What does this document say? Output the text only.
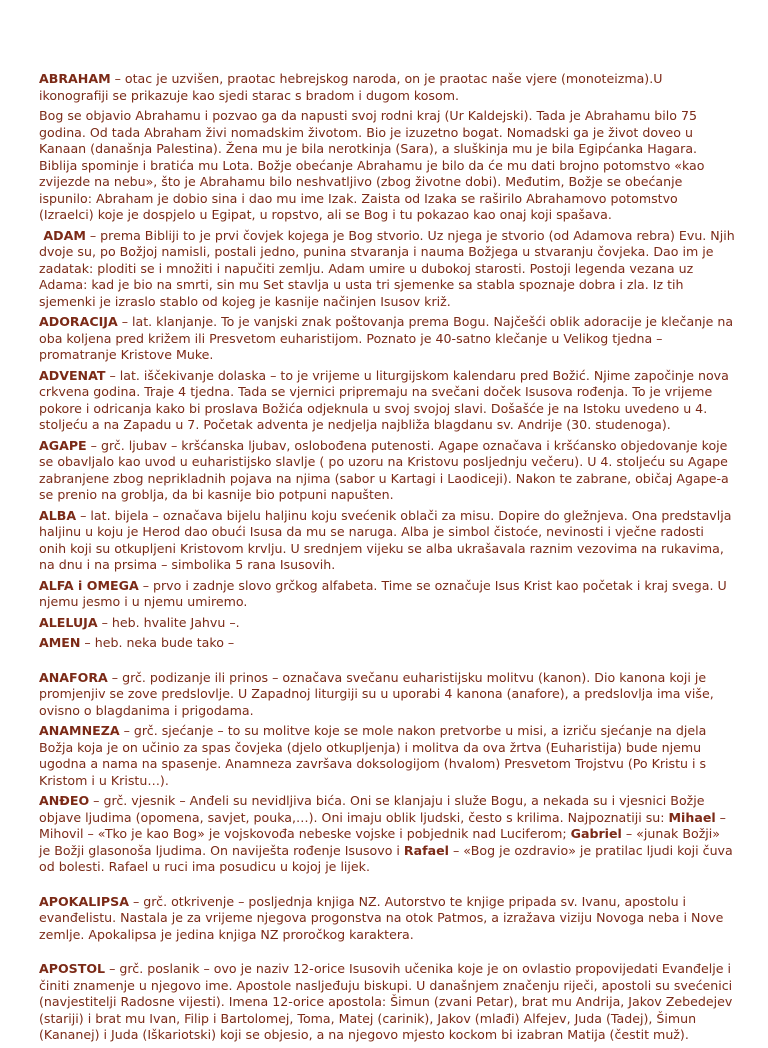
ABRAHAM – otac je uzvišen, praotac hebrejskog naroda, on je praotac naše vjere (monoteizma).U ikonografiji se prikazuje kao sjedi starac s bradom i dugom kosom.

Bog se objavio Abrahamu i pozvao ga da napusti svoj rodni kraj (Ur Kaldejski). Tada je Abrahamu bilo 75 godina. Od tada Abraham živi nomadskim životom. Bio je izuzetno bogat. Nomadski ga je život doveo u Kanaan (današnja Palestina). Žena mu je bila nerotkinja (Sara), a sluškinja mu je bila Egipćanka Hagara. Biblija spominje i bratića mu Lota. Božje obećanje Abrahamu je bilo da će mu dati brojno potomstvo «kao zvijezde na nebu», što je Abrahamu bilo neshvatljivo (zbog životne dobi). Međutim, Božje se obećanje ispunilo: Abraham je dobio sina i dao mu ime Izak. Zaista od Izaka se raširilo Abrahamovo potomstvo (Izraelci) koje je dospjelo u Egipat, u ropstvo, ali se Bog i tu pokazao kao onaj koji spašava.

ADAM – prema Bibliji to je prvi čovjek kojega je Bog stvorio. Uz njega je stvorio (od Adamova rebra) Evu. Njih dvoje su, po Božjoj namisli, postali jedno, punina stvaranja i nauma Božjega u stvaranju čovjeka. Dao im je zadatak: ploditi se i množiti i napučiti zemlju. Adam umire u dubokoj starosti. Postoji legenda vezana uz Adama: kad je bio na smrti, sin mu Set stavlja u usta tri sjemenke sa stabla spoznaje dobra i zla. Iz tih sjemenki je izraslo stablo od kojeg je kasnije načinjen Isusov križ.

ADORACIJA – lat. klanjanje. To je vanjski znak poštovanja prema Bogu. Najčešći oblik adoracije je klečanje na oba koljena pred križem ili Presvetom euharistijom. Poznato je 40-satno klečanje u Velikog tjedna – promatranje Kristove Muke.

ADVENAT – lat. iščekivanje dolaska – to je vrijeme u liturgijskom kalendaru pred Božić. Njime započinje nova crkvena godina. Traje 4 tjedna. Tada se vjernici pripremaju na svečani doček Isusova rođenja. To je vrijeme pokore i odricanja kako bi proslava Božića odjeknula u svoj svojoj slavi. Došašće je na Istoku uvedeno u 4. stoljeću a na Zapadu u 7. Početak adventa je nedjelja najbliža blagdanu sv. Andrije (30. studenoga).

AGAPE – grč. ljubav – kršćanska ljubav, oslobođena putenosti. Agape označava i kršćansko objedovanje koje se obavljalo kao uvod u euharistijsko slavlje ( po uzoru na Kristovu posljednju večeru). U 4. stoljeću su Agape zabranjene zbog neprikladnih pojava na njima (sabor u Kartagi i Laodiceji). Nakon te zabrane, običaj Agape-a se prenio na groblja, da bi kasnije bio potpuni napušten.

ALBA – lat. bijela – označava bijelu haljinu koju svećenik oblači za misu. Dopire do gležnjeva. Ona predstavlja haljinu u koju je Herod dao obući Isusa da mu se naruga. Alba je simbol čistoće, nevinosti i vječne radosti onih koji su otkupljeni Kristovom krvlju. U srednjem vijeku se alba ukrašavala raznim vezovima na rukavima, na dnu i na prsima – simbolika 5 rana Isusovih.

ALFA i OMEGA – prvo i zadnje slovo grčkog alfabeta. Time se označuje Isus Krist kao početak i kraj svega. U njemu jesmo i u njemu umiremo.

ALELUJA – heb. hvalite Jahvu –.

AMEN – heb. neka bude tako –

ANAFORA – grč. podizanje ili prinos – označava svečanu euharistijsku molitvu (kanon). Dio kanona koji je promjenjiv se zove predslovlje. U Zapadnoj liturgiji su u uporabi 4 kanona (anafore), a predslovlja ima više, ovisno o blagdanima i prigodama.

ANAMNEZA – grč. sjećanje – to su molitve koje se mole nakon pretvorbe u misi, a izriču sjećanje na djela Božja koja je on učinio za spas čovjeka (djelo otkupljenja) i molitva da ova žrtva (Euharistija) bude njemu ugodna a nama na spasenje. Anamneza završava doksologijom (hvalom) Presvetom Trojstvu (Po Kristu i s Kristom i u Kristu…).

ANĐEO – grč. vjesnik – Anđeli su nevidljiva bića. Oni se klanjaju i služe Bogu, a nekada su i vjesnici Božje objave ljudima (opomena, savjet, pouka,…). Oni imaju oblik ljudski, često s krilima. Najpoznatiji su: Mihael – Mihovil – «Tko je kao Bog» je vojskovođa nebeske vojske i pobjednik nad Luciferom; Gabriel – «junak Božji» je Božji glasonoša ljudima. On naviješta rođenje Isusovo i Rafael – «Bog je ozdravio» je pratilac ljudi koji čuva od bolesti. Rafael u ruci ima posudicu u kojoj je lijek.

APOKALIPSA – grč. otkrivenje – posljednja knjiga NZ. Autorstvo te knjige pripada sv. Ivanu, apostolu i evanđelistu. Nastala je za vrijeme njegova progonstva na otok Patmos, a izražava viziju Novoga neba i Nove zemlje. Apokalipsa je jedina knjiga NZ proročkog karaktera.

APOSTOL – grč. poslanik – ovo je naziv 12-orice Isusovih učenika koje je on ovlastio propovijedati Evanđelje i činiti znamenje u njegovo ime. Apostole nasljeđuju biskupi. U današnjem značenju riječi, apostoli su svećenici (navjestitelji Radosne vijesti). Imena 12-orice apostola: Šimun (zvani Petar), brat mu Andrija, Jakov Zebedejev (stariji) i brat mu Ivan, Filip i Bartolomej, Toma, Matej (carinik), Jakov (mlađi) Alfejev, Juda (Tadej), Šimun (Kananej) i Juda (Iškariotski) koji se objesio, a na njegovo mjesto kockom bi izabran Matija (čestit muž).
